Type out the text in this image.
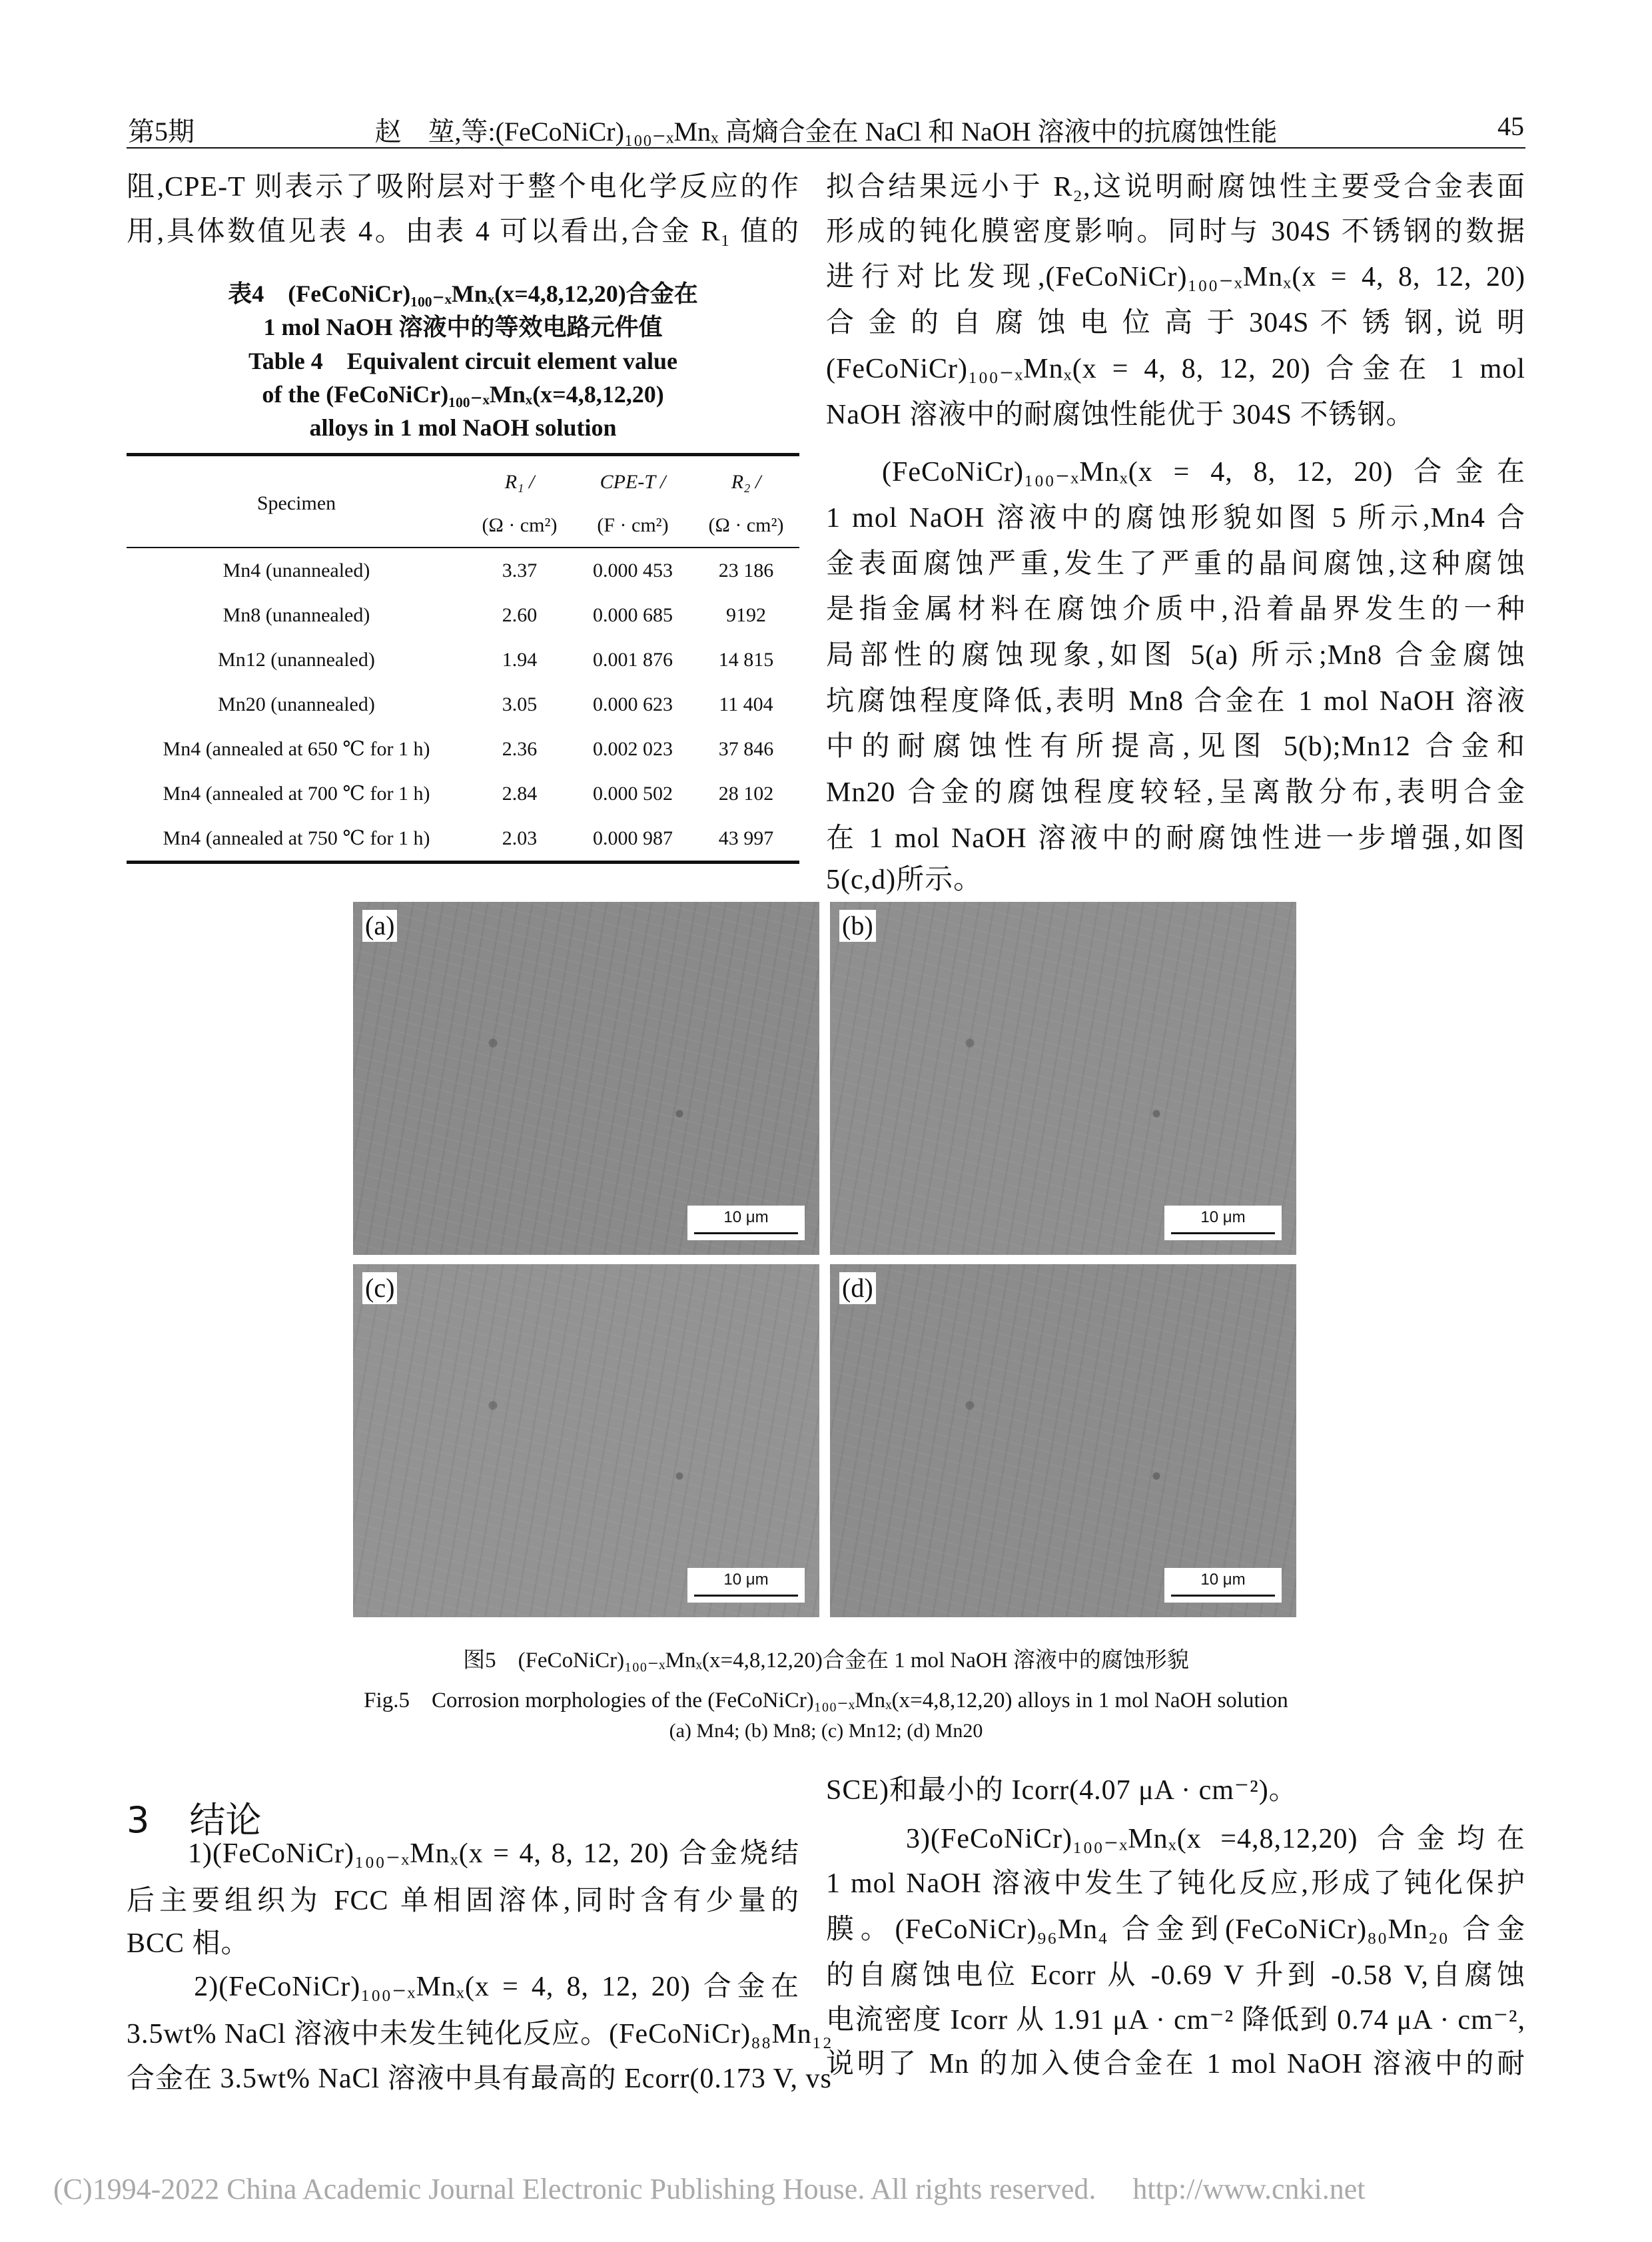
第5期	赵　堃,等:(FeCoNiCr)₁₀₀₋ₓMnₓ 高熵合金在 NaCl 和 NaOH 溶液中的抗腐蚀性能	45
阻,CPE-T 则表示了吸附层对于整个电化学反应的作
用,具体数值见表 4。由表 4 可以看出,合金 R₁ 值的
表4　(FeCoNiCr)₁₀₀₋ₓMnₓ(x=4,8,12,20)合金在
1 mol NaOH 溶液中的等效电路元件值
Table 4　Equivalent circuit element value
of the (FeCoNiCr)₁₀₀₋ₓMnₓ(x=4,8,12,20)
alloys in 1 mol NaOH solution
Specimen	R₁ /	CPE-T /	R₂ /
	(Ω · cm²)	(F · cm²)	(Ω · cm²)
Mn4 (unannealed)	3.37	0.000 453	23 186
Mn8 (unannealed)	2.60	0.000 685	9192
Mn12 (unannealed)	1.94	0.001 876	14 815
Mn20 (unannealed)	3.05	0.000 623	11 404
Mn4 (annealed at 650 ℃ for 1 h)	2.36	0.002 023	37 846
Mn4 (annealed at 700 ℃ for 1 h)	2.84	0.000 502	28 102
Mn4 (annealed at 750 ℃ for 1 h)	2.03	0.000 987	43 997
拟合结果远小于 R₂,这说明耐腐蚀性主要受合金表面
形成的钝化膜密度影响。同时与 304S 不锈钢的数据
进行对比发现,(FeCoNiCr)₁₀₀₋ₓMnₓ(x = 4, 8, 12, 20)
合 金 的 自 腐 蚀 电 位 高 于 304S 不 锈 钢, 说 明
(FeCoNiCr)₁₀₀₋ₓMnₓ(x = 4, 8, 12, 20) 合金在 1 mol
NaOH 溶液中的耐腐蚀性能优于 304S 不锈钢。
(FeCoNiCr)₁₀₀₋ₓMnₓ(x = 4, 8, 12, 20) 合金在
1 mol NaOH 溶液中的腐蚀形貌如图 5 所示,Mn4 合
金表面腐蚀严重,发生了严重的晶间腐蚀,这种腐蚀
是指金属材料在腐蚀介质中,沿着晶界发生的一种
局部性的腐蚀现象,如图 5(a) 所示;Mn8 合金腐蚀
坑腐蚀程度降低,表明 Mn8 合金在 1 mol NaOH 溶液
中的耐腐蚀性有所提高,见图 5(b);Mn12 合金和
Mn20 合金的腐蚀程度较轻,呈离散分布,表明合金
在 1 mol NaOH 溶液中的耐腐蚀性进一步增强,如图
5(c,d)所示。
(a)
10 μm
(b)
10 μm
(c)
10 μm
(d)
10 μm
图5　(FeCoNiCr)₁₀₀₋ₓMnₓ(x=4,8,12,20)合金在 1 mol NaOH 溶液中的腐蚀形貌
Fig.5　Corrosion morphologies of the (FeCoNiCr)₁₀₀₋ₓMnₓ(x=4,8,12,20) alloys in 1 mol NaOH solution
(a) Mn4; (b) Mn8; (c) Mn12; (d) Mn20
3 结论
　　1)(FeCoNiCr)₁₀₀₋ₓMnₓ(x = 4, 8, 12, 20) 合金烧结
后主要组织为 FCC 单相固溶体,同时含有少量的
BCC 相。
　　2)(FeCoNiCr)₁₀₀₋ₓMnₓ(x = 4, 8, 12, 20) 合金在
3.5wt% NaCl 溶液中未发生钝化反应。(FeCoNiCr)₈₈Mn₁₂
合金在 3.5wt% NaCl 溶液中具有最高的 Ecorr(0.173 V, vs
SCE)和最小的 Icorr(4.07 μA · cm⁻²)。
　　3)(FeCoNiCr)₁₀₀₋ₓMnₓ(x =4,8,12,20) 合金均在
1 mol NaOH 溶液中发生了钝化反应,形成了钝化保护
膜。(FeCoNiCr)₉₆Mn₄ 合金到(FeCoNiCr)₈₀Mn₂₀ 合金
的自腐蚀电位 Ecorr 从 -0.69 V 升到 -0.58 V,自腐蚀
电流密度 Icorr 从 1.91 μA · cm⁻² 降低到 0.74 μA · cm⁻²,
说明了 Mn 的加入使合金在 1 mol NaOH 溶液中的耐
(C)1994-2022 China Academic Journal Electronic Publishing House. All rights reserved.　 http://www.cnki.net
